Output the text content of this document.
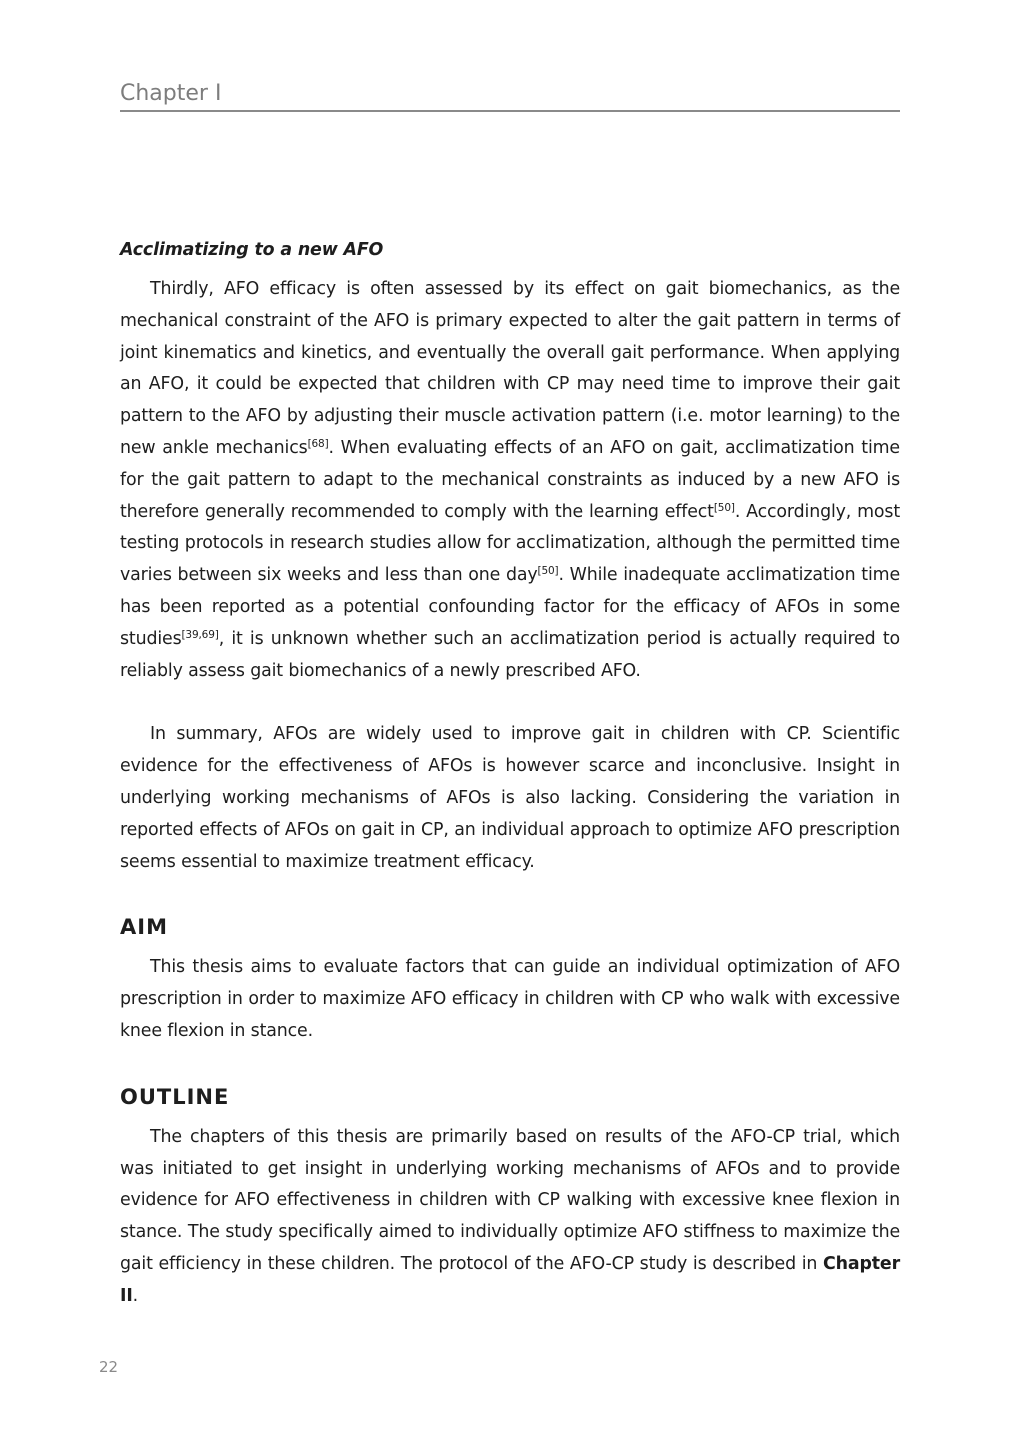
Chapter I
Acclimatizing to a new AFO

Thirdly, AFO efficacy is often assessed by its effect on gait biomechanics, as the mechanical constraint of the AFO is primary expected to alter the gait pattern in terms of joint kinematics and kinetics, and eventually the overall gait performance. When applying an AFO, it could be expected that children with CP may need time to improve their gait pattern to the AFO by adjusting their muscle activation pattern (i.e. motor learning) to the new ankle mechanics[68]. When evaluating effects of an AFO on gait, acclimatization time for the gait pattern to adapt to the mechanical constraints as induced by a new AFO is therefore generally recommended to comply with the learning effect[50]. Accordingly, most testing protocols in research studies allow for acclimatization, although the permitted time varies between six weeks and less than one day[50]. While inadequate acclimatization time has been reported as a potential confounding factor for the efficacy of AFOs in some studies[39,69], it is unknown whether such an acclimatization period is actually required to reliably assess gait biomechanics of a newly prescribed AFO.

In summary, AFOs are widely used to improve gait in children with CP. Scientific evidence for the effectiveness of AFOs is however scarce and inconclusive. Insight in underlying working mechanisms of AFOs is also lacking. Considering the variation in reported effects of AFOs on gait in CP, an individual approach to optimize AFO prescription seems essential to maximize treatment efficacy.

AIM

This thesis aims to evaluate factors that can guide an individual optimization of AFO prescription in order to maximize AFO efficacy in children with CP who walk with excessive knee flexion in stance.

OUTLINE

The chapters of this thesis are primarily based on results of the AFO-CP trial, which was initiated to get insight in underlying working mechanisms of AFOs and to provide evidence for AFO effectiveness in children with CP walking with excessive knee flexion in stance. The study specifically aimed to individually optimize AFO stiffness to maximize the gait efficiency in these children. The protocol of the AFO-CP study is described in Chapter II.

22
